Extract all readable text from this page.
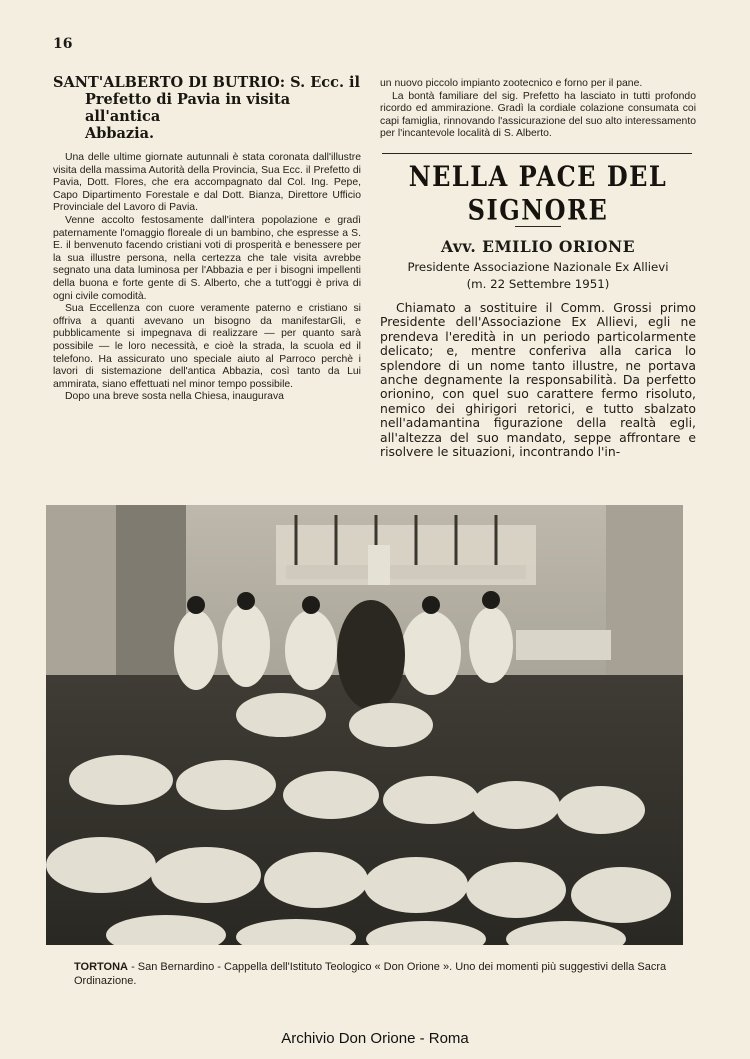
16
SANT'ALBERTO DI BUTRIO: S. Ecc. il
Prefetto di Pavia in visita all'antica
Abbazia.

Una delle ultime giornate autunnali è stata coronata dall'illustre visita della massima Autorità della Provincia, Sua Ecc. il Prefetto di Pavia, Dott. Flores, che era accompagnato dal Col. Ing. Pepe, Capo Dipartimento Forestale e dal Dott. Bianza, Direttore Ufficio Provinciale del Lavoro di Pavia.

Venne accolto festosamente dall'intera popolazione e gradì paternamente l'omaggio floreale di un bambino, che espresse a S. E. il benvenuto facendo cristiani voti di prosperità e benessere per la sua illustre persona, nella certezza che tale visita avrebbe segnato una data luminosa per l'Abbazia e per i bisogni impellenti della buona e forte gente di S. Alberto, che a tutt'oggi è priva di ogni civile comodità.

Sua Eccellenza con cuore veramente paterno e cristiano si offriva a quanti avevano un bisogno da manifestarGli, e pubblicamente si impegnava di realizzare — per quanto sarà possibile — le loro necessità, e cioè la strada, la scuola ed il telefono. Ha assicurato uno speciale aiuto al Parroco perchè i lavori di sistemazione dell'antica Abbazia, così tanto da Lui ammirata, siano effettuati nel minor tempo possibile.

Dopo una breve sosta nella Chiesa, inaugurava

un nuovo piccolo impianto zootecnico e forno per il pane.

La bontà familiare del sig. Prefetto ha lasciato in tutti profondo ricordo ed ammirazione. Gradì la cordiale colazione consumata coi capi famiglia, rinnovando l'assicurazione del suo alto interessamento per l'incantevole località di S. Alberto.

NELLA PACE DEL SIGNORE
Avv. EMILIO ORIONE
Presidente Associazione Nazionale Ex Allievi
(m. 22 Settembre 1951)

Chiamato a sostituire il Comm. Grossi primo Presidente dell'Associazione Ex Allievi, egli ne prendeva l'eredità in un periodo particolarmente delicato; e, mentre conferiva alla carica lo splendore di un nome tanto illustre, ne portava anche degnamente la responsabilità. Da perfetto orionino, con quel suo carattere fermo risoluto, nemico dei ghirigori retorici, e tutto sbalzato nell'adamantina figurazione della realtà egli, all'altezza del suo mandato, seppe affrontare e risolvere le situazioni, incontrando l'in-

TORTONA - San Bernardino - Cappella dell'Istituto Teologico « Don Orione ». Uno dei momenti più suggestivi della Sacra Ordinazione.
Archivio Don Orione - Roma
